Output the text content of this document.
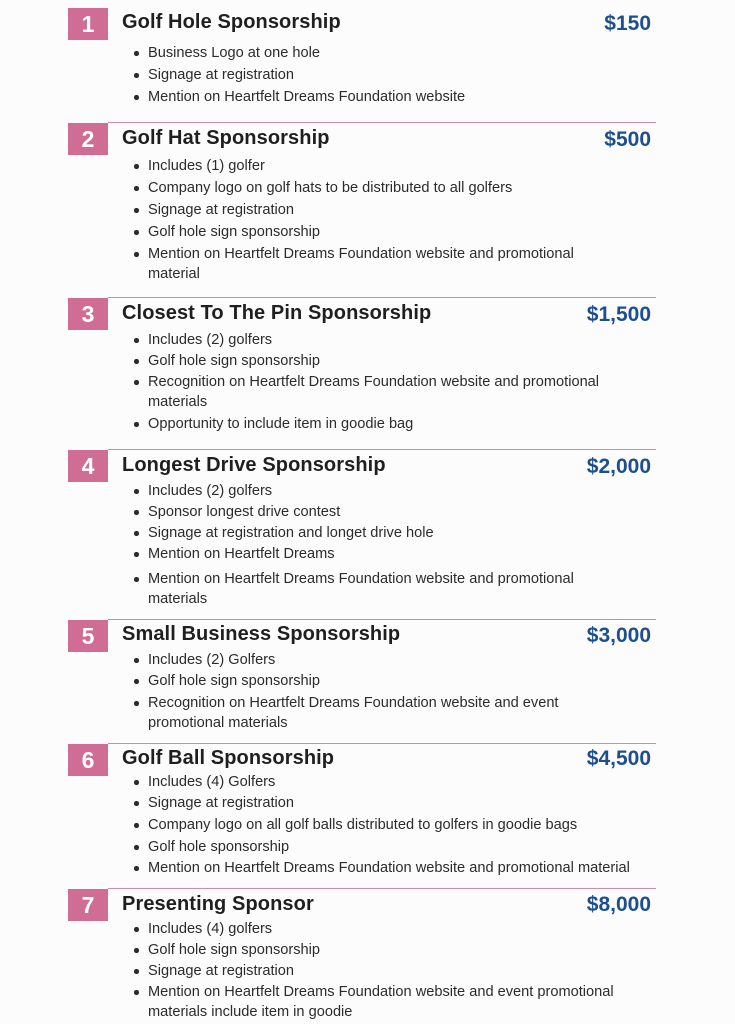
1	Golf Hole Sponsorship	$150
Business Logo at one hole
Signage at registration
Mention on Heartfelt Dreams Foundation website
2	Golf Hat Sponsorship	$500
Includes (1) golfer
Company logo on golf hats to be distributed to all golfers
Signage at registration
Golf hole sign sponsorship
Mention on Heartfelt Dreams Foundation website and promotional
material
3	Closest To The Pin Sponsorship	$1,500
Includes (2) golfers
Golf hole sign sponsorship
Recognition on Heartfelt Dreams Foundation website and promotional
materials
Opportunity to include item in goodie bag
4	Longest Drive Sponsorship	$2,000
Includes (2) golfers
Sponsor longest drive contest
Signage at registration and longet drive hole
Mention on Heartfelt Dreams
Mention on Heartfelt Dreams Foundation website and promotional
materials
5	Small Business Sponsorship	$3,000
Includes (2) Golfers
Golf hole sign sponsorship
Recognition on Heartfelt Dreams Foundation website and event
promotional materials
6	Golf Ball Sponsorship	$4,500
Includes (4) Golfers
Signage at registration
Company logo on all golf balls distributed to golfers in goodie bags
Golf hole sponsorship
Mention on Heartfelt Dreams Foundation website and promotional material
7	Presenting Sponsor	$8,000
Includes (4) golfers
Golf hole sign sponsorship
Signage at registration
Mention on Heartfelt Dreams Foundation website and event promotional
materials include item in goodie
